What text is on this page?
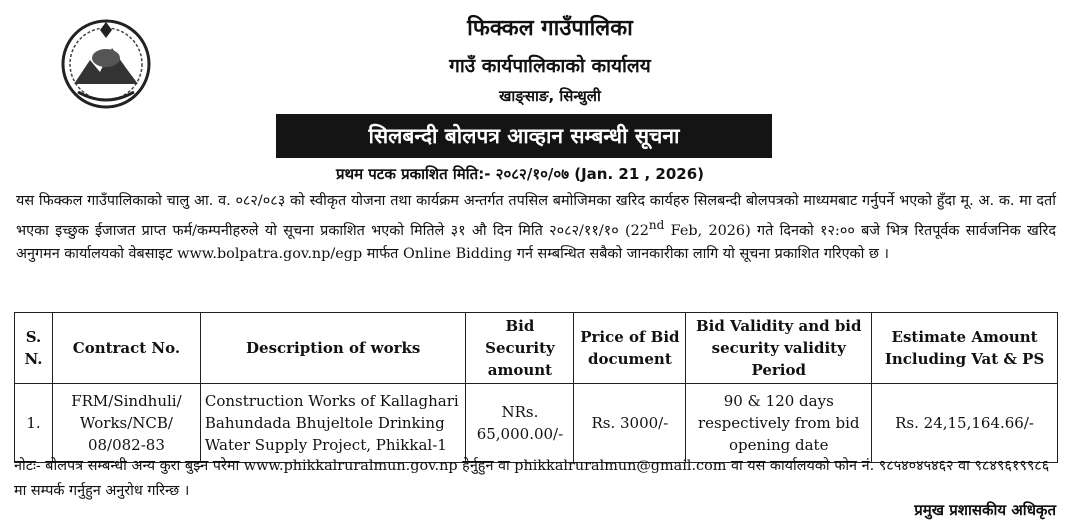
फिक्कल गाउँपालिका
गाउँ कार्यपालिकाको कार्यालय
खाङ्साङ, सिन्धुली
सिलबन्दी बोलपत्र आव्हान सम्बन्धी सूचना
प्रथम पटक प्रकाशित मिति:- २०८२/१०/०७ (Jan. 21 , 2026)
यस फिक्कल गाउँपालिकाको चालु आ. व. ०८२/०८३ को स्वीकृत योजना तथा कार्यक्रम अन्तर्गत तपसिल बमोजिमका खरिद कार्यहरु सिलबन्दी बोलपत्रको माध्यमबाट गर्नुपर्ने भएको हुँदा मू. अ. क. मा दर्ता भएका इच्छुक ईजाजत प्राप्त फर्म/कम्पनीहरुले यो सूचना प्रकाशित भएको मितिले ३१ औ दिन मिति २०८२/११/१० (22nd Feb, 2026) गते दिनको १२:०० बजे भित्र रितपूर्वक सार्वजनिक खरिद अनुगमन कार्यालयको वेबसाइट www.bolpatra.gov.np/egp मार्फत Online Bidding गर्न सम्बन्धित सबैको जानकारीका लागि यो सूचना प्रकाशित गरिएको छ ।
S. N.	Contract No.	Description of works	Bid Security amount	Price of Bid document	Bid Validity and bid security validity Period	Estimate Amount Including Vat & PS
1.	FRM/Sindhuli/ Works/NCB/ 08/082-83	Construction Works of Kallaghari Bahundada Bhujeltole Drinking Water Supply Project, Phikkal-1	NRs. 65,000.00/-	Rs. 3000/-	90 & 120 days respectively from bid opening date	Rs. 24,15,164.66/-
नोटः- बोलपत्र सम्बन्धी अन्य कुरा बुझ्न परेमा www.phikkalruralmun.gov.np हेर्नुहुन वा phikkalruralmun@gmail.com वा यस कार्यालयको फोन नं. ९८५४०४५४६२ वा ९८४९६१९९८६ मा सम्पर्क गर्नुहुन अनुरोध गरिन्छ ।
प्रमुख प्रशासकीय अधिकृत
